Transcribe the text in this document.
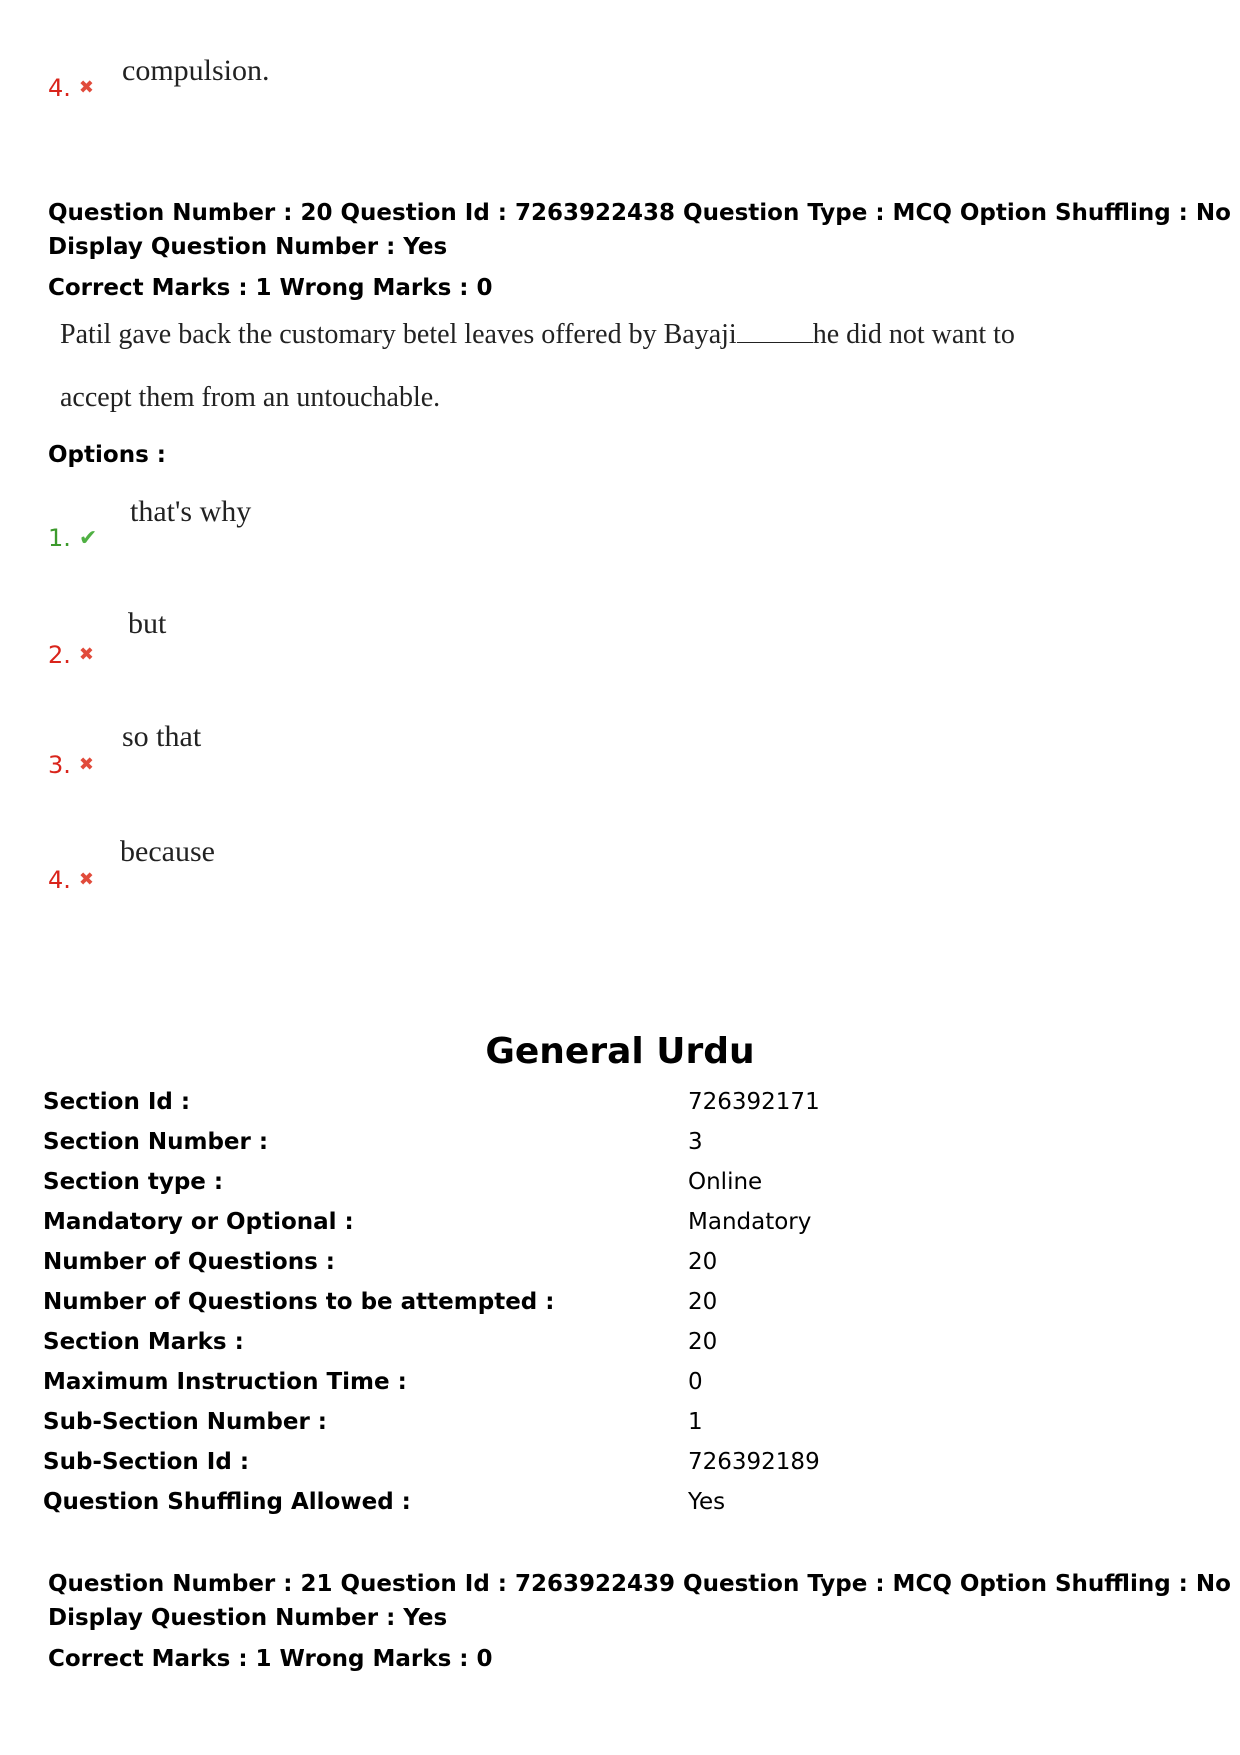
4. ✖
compulsion.
Question Number : 20 Question Id : 7263922438 Question Type : MCQ Option Shuffling : No
Display Question Number : Yes
Correct Marks : 1 Wrong Marks : 0
Patil gave back the customary betel leaves offered by Bayaji	he did not want to
accept them from an untouchable.
Options :
1. ✔
that's why
2. ✖
but
3. ✖
so that
4. ✖
because
General Urdu
Section Id :	726392171
Section Number :	3
Section type :	Online
Mandatory or Optional :	Mandatory
Number of Questions :	20
Number of Questions to be attempted :	20
Section Marks :	20
Maximum Instruction Time :	0
Sub-Section Number :	1
Sub-Section Id :	726392189
Question Shuffling Allowed :	Yes
Question Number : 21 Question Id : 7263922439 Question Type : MCQ Option Shuffling : No
Display Question Number : Yes
Correct Marks : 1 Wrong Marks : 0
